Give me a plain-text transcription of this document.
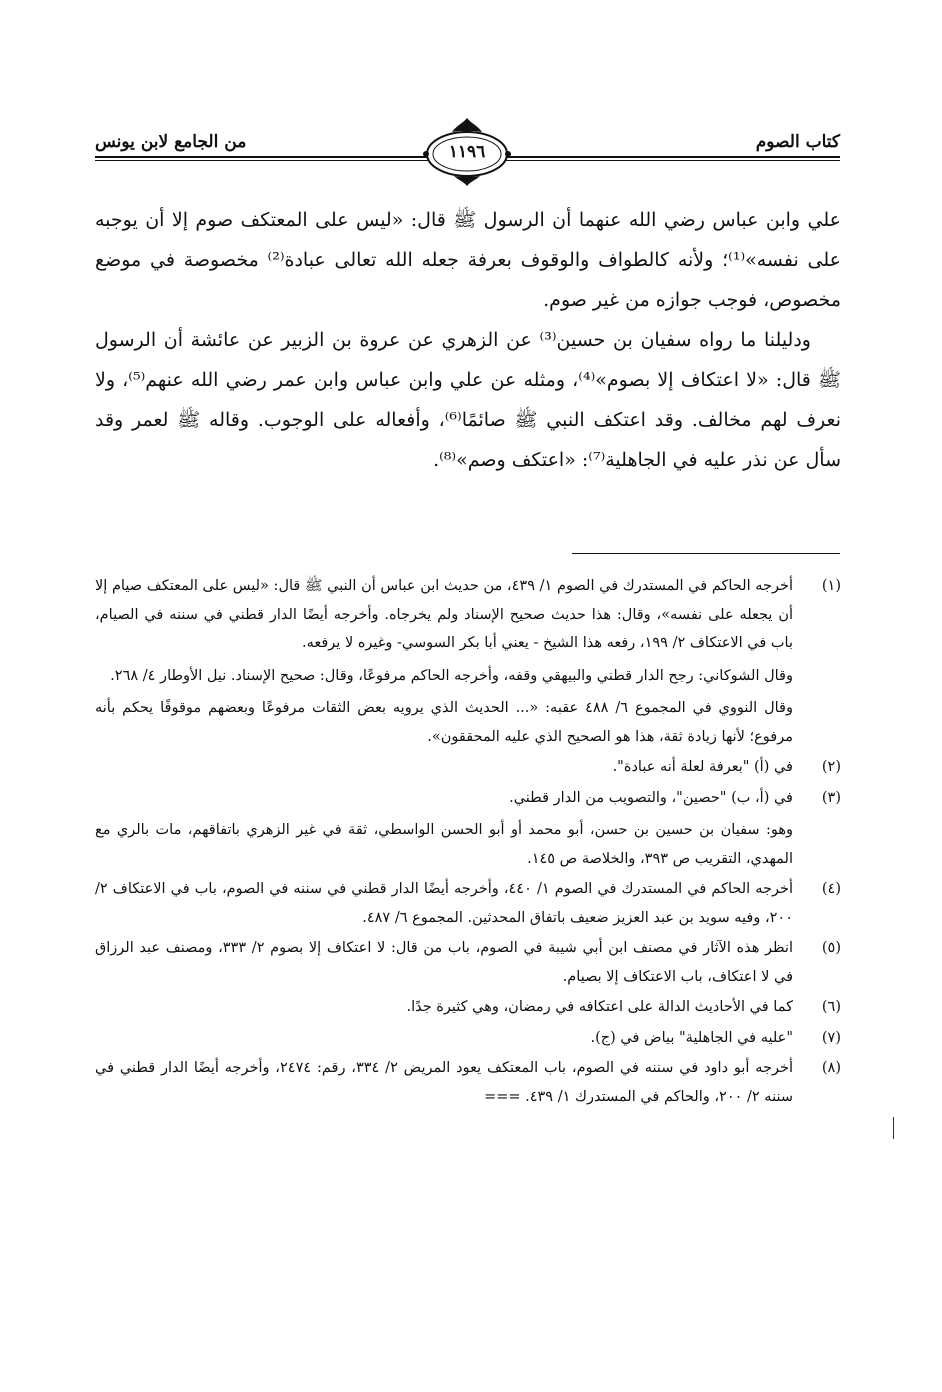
كتاب الصوم
من الجامع لابن يونس	١١٩٦

علي وابن عباس رضي الله عنهما أن الرسول ﷺ قال: «ليس على المعتكف صوم إلا أن يوجبه على نفسه»⁽¹⁾؛ ولأنه كالطواف والوقوف بعرفة جعله الله تعالى عبادة⁽²⁾ مخصوصة في موضع مخصوص، فوجب جوازه من غير صوم.

ودليلنا ما رواه سفيان بن حسين⁽³⁾ عن الزهري عن عروة بن الزبير عن عائشة أن الرسول ﷺ قال: «لا اعتكاف إلا بصوم»⁽⁴⁾، ومثله عن علي وابن عباس وابن عمر رضي الله عنهم⁽⁵⁾، ولا نعرف لهم مخالف. وقد اعتكف النبي ﷺ صائمًا⁽⁶⁾، وأفعاله على الوجوب. وقاله ﷺ لعمر وقد سأل عن نذر عليه في الجاهلية⁽⁷⁾: «اعتكف وصم»⁽⁸⁾.

(١)

أخرجه الحاكم في المستدرك في الصوم ١/ ٤٣٩، من حديث ابن عباس أن النبي ﷺ قال: «ليس على المعتكف صيام إلا أن يجعله على نفسه»، وقال: هذا حديث صحيح الإسناد ولم يخرجاه. وأخرجه أيضًا الدار قطني في سننه في الصيام، باب في الاعتكاف ٢/ ١٩٩، رفعه هذا الشيخ - يعني أبا بكر السوسي- وغيره لا يرفعه.

وقال الشوكاني: رجح الدار قطني والبيهقي وقفه، وأخرجه الحاكم مرفوعًا، وقال: صحيح الإسناد. نيل الأوطار ٤/ ٢٦٨.

وقال النووي في المجموع ٦/ ٤٨٨ عقبه: «... الحديث الذي يرويه بعض الثقات مرفوعًا وبعضهم موقوفًا يحكم بأنه مرفوع؛ لأنها زيادة ثقة، هذا هو الصحيح الذي عليه المحققون».

(٢)

في (أ) "بعرفة لعلة أنه عبادة".

(٣)

في (أ، ب) "حصين"، والتصويب من الدار قطني.

وهو: سفيان بن حسين بن حسن، أبو محمد أو أبو الحسن الواسطي، ثقة في غير الزهري باتفاقهم، مات بالري مع المهدي، التقريب ص ٣٩٣، والخلاصة ص ١٤٥.

(٤)

أخرجه الحاكم في المستدرك في الصوم ١/ ٤٤٠، وأخرجه أيضًا الدار قطني في سننه في الصوم، باب في الاعتكاف ٢/ ٢٠٠، وفيه سويد بن عبد العزيز ضعيف باتفاق المحدثين. المجموع ٦/ ٤٨٧.

(٥)

انظر هذه الآثار في مصنف ابن أبي شيبة في الصوم، باب من قال: لا اعتكاف إلا بصوم ٢/ ٣٣٣، ومصنف عبد الرزاق في لا اعتكاف، باب الاعتكاف إلا بصيام.

(٦)

كما في الأحاديث الدالة على اعتكافه في رمضان، وهي كثيرة جدًا.

(٧)

"عليه في الجاهلية" بياض في (ج).

(٨)

أخرجه أبو داود في سننه في الصوم، باب المعتكف يعود المريض ٢/ ٣٣٤، رقم: ٢٤٧٤، وأخرجه أيضًا الدار قطني في سننه ٢/ ٢٠٠، والحاكم في المستدرك ١/ ٤٣٩. ===
